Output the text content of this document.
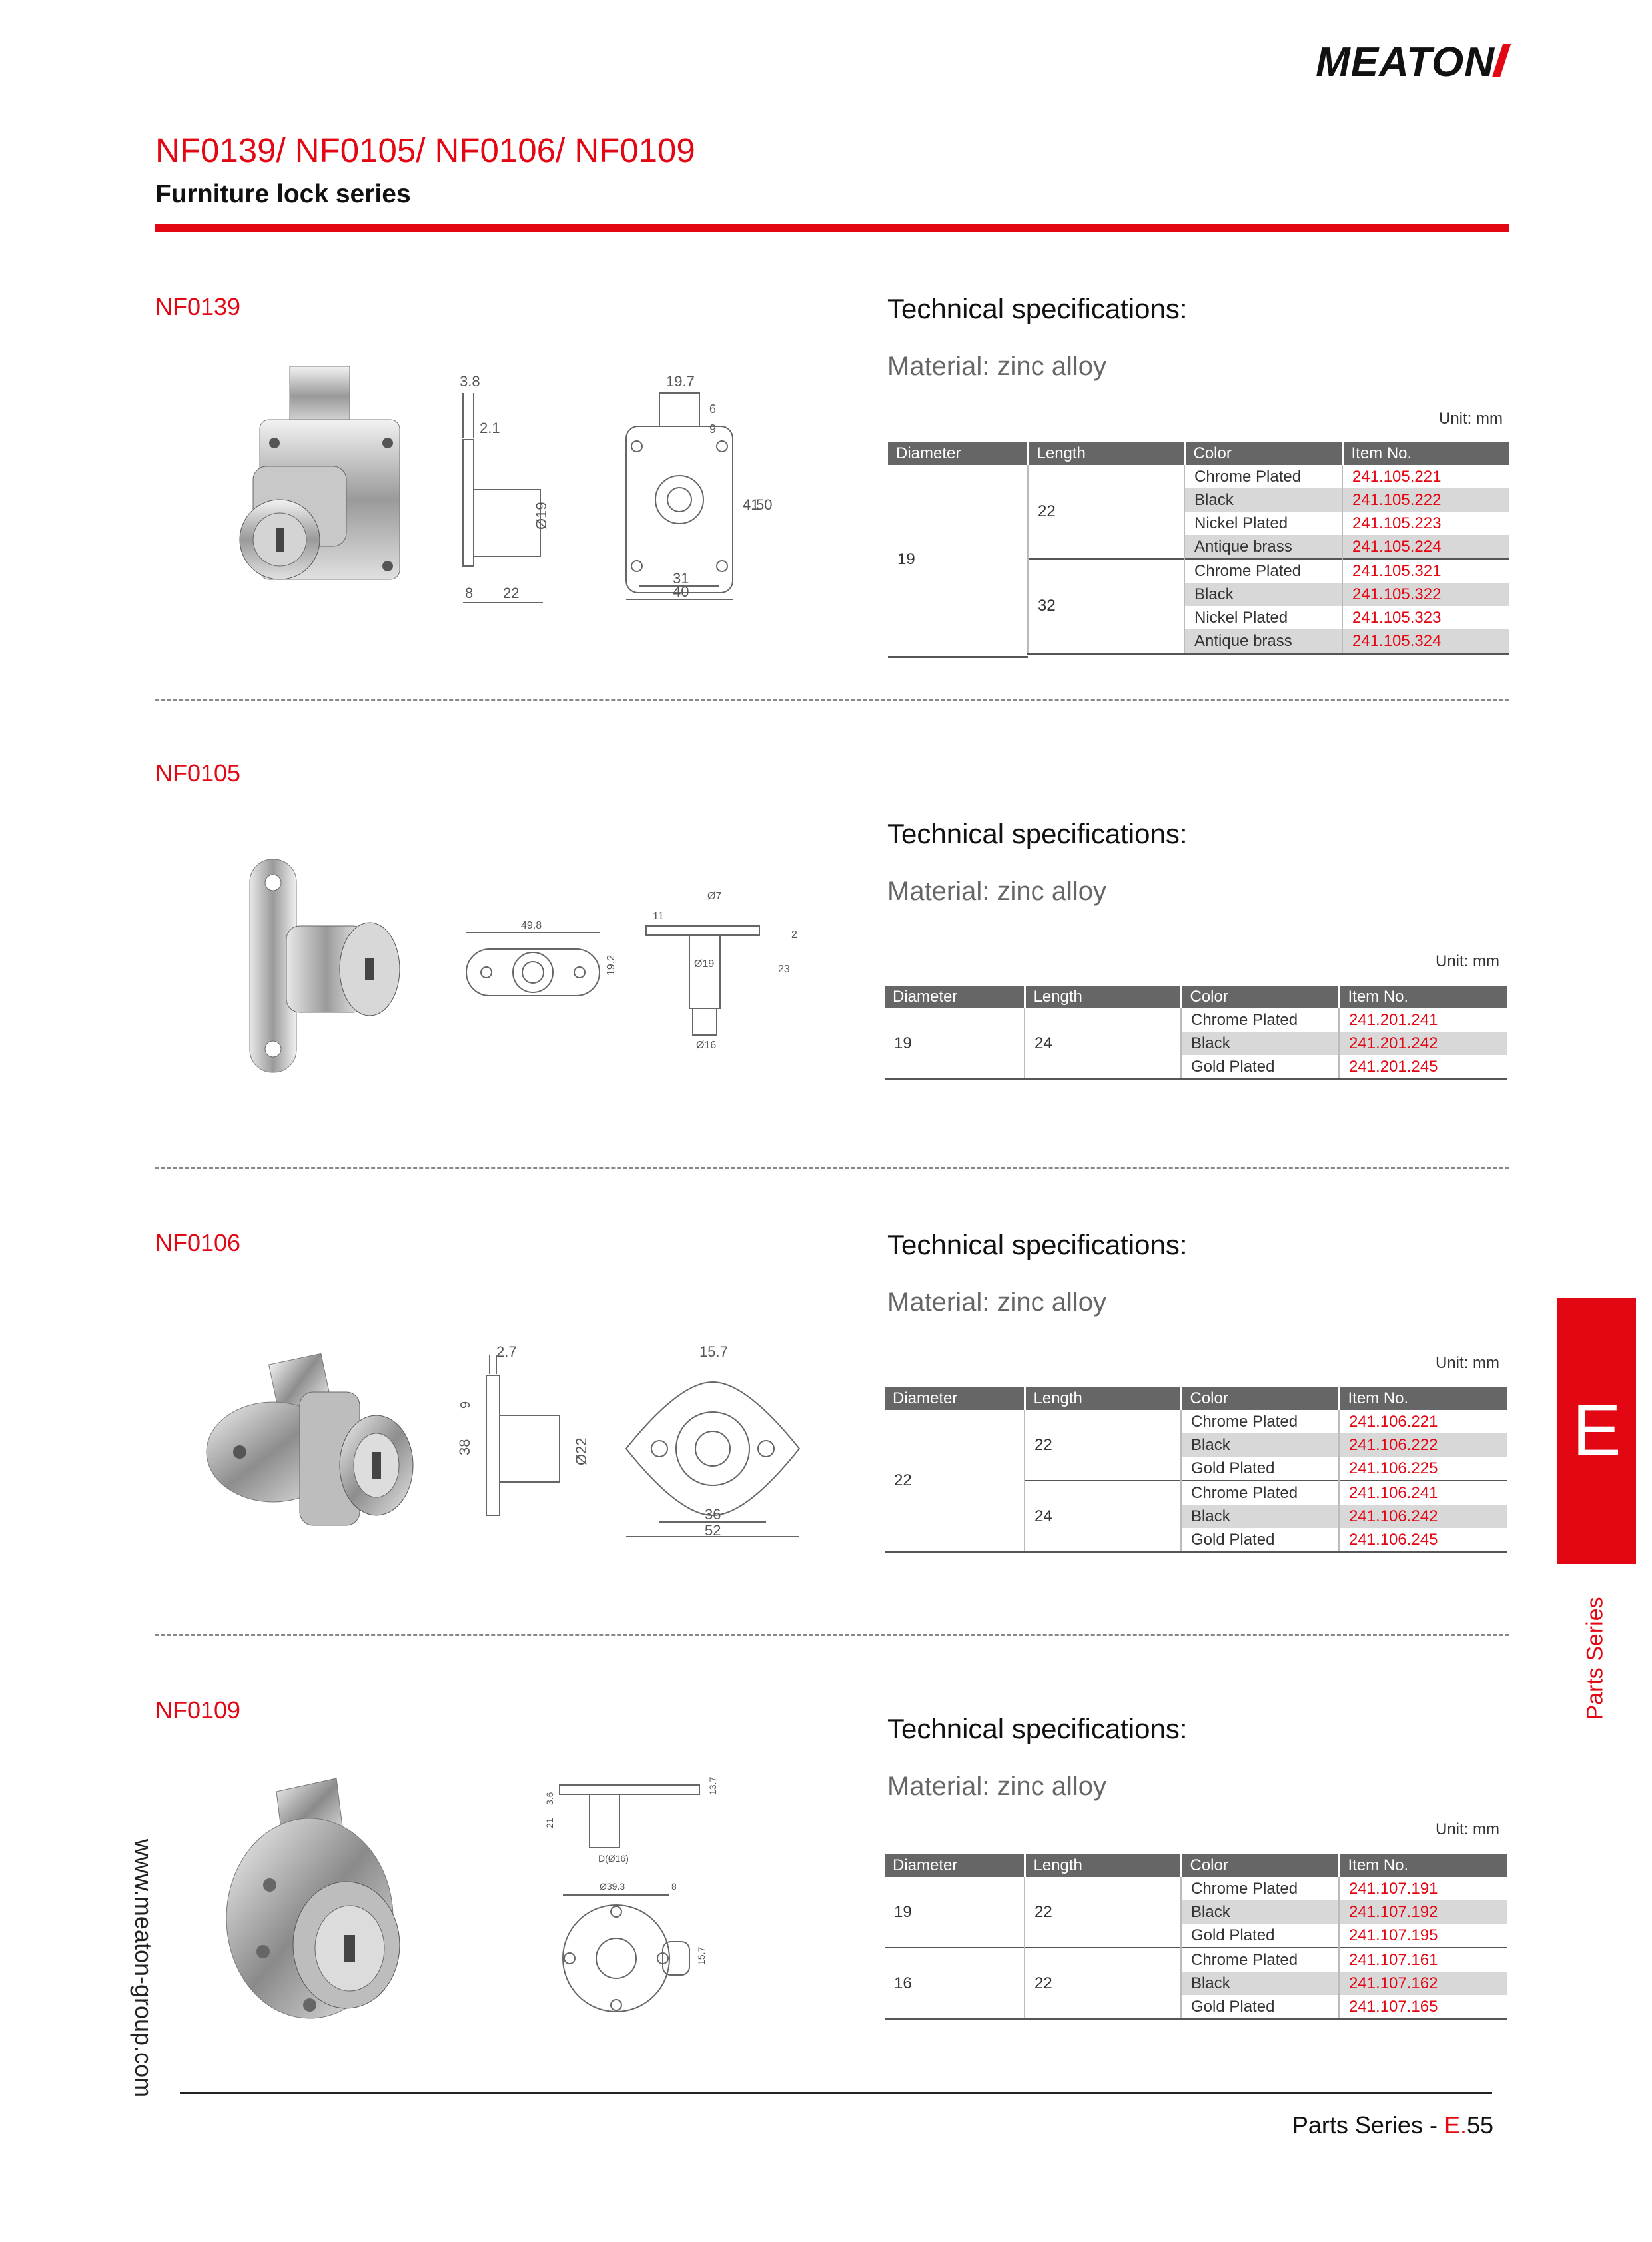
MEATON
NF0139/ NF0105/ NF0106/ NF0109
Furniture lock series
NF0139	Technical specifications:
Material: zinc alloy
Unit: mm
3.8
2.1
Ø19
8 22
19.7
6
9
41
50
31
40
Diameter	Length	Color	Item No.
19	22	Chrome Plated	241.105.221
		Black	241.105.222
		Nickel Plated	241.105.223
		Antique brass	241.105.224
	32	Chrome Plated	241.105.321
		Black	241.105.322
		Nickel Plated	241.105.323
		Antique brass	241.105.324
NF0105
Technical specifications:
Material: zinc alloy
Unit: mm
49.8
19.2
Ø7
11
Ø19	23
Ø16
2
Diameter	Length	Color	Item No.
19	24	Chrome Plated	241.201.241
		Black	241.201.242
		Gold Plated	241.201.245
NF0106	Technical specifications:
Material: zinc alloy
Unit: mm
2.7
9
38	Ø22
15.7
36
52
Diameter	Length	Color	Item No.
22	22	Chrome Plated	241.106.221
		Black	241.106.222
		Gold Plated	241.106.225
	24	Chrome Plated	241.106.241
		Black	241.106.242
		Gold Plated	241.106.245
NF0109
Technical specifications:
Material: zinc alloy
Unit: mm
3.6
21
D(Ø16)
13.7
Ø39.3	8
15.7
Diameter	Length	Color	Item No.
19	22	Chrome Plated	241.107.191
		Black	241.107.192
		Gold Plated	241.107.195
16	22	Chrome Plated	241.107.161
		Black	241.107.162
		Gold Plated	241.107.165
E
Parts Series
www.meaton-group.com
Parts Series - E.55
